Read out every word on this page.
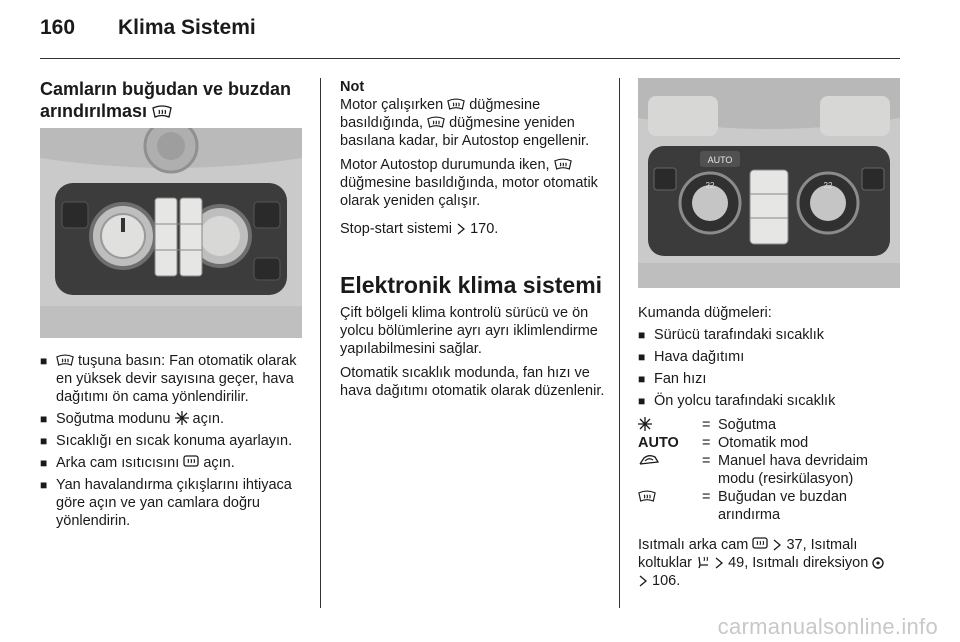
160 Klima Sistemi
Camların buğudan ve buzdan arındırılması
■ tuşuna basın: Fan otomatik olarak en yüksek devir sayısına geçer, hava dağıtımı ön cama yönlendirilir.
■ Soğutma modunu açın.
■ Sıcaklığı en sıcak konuma ayarlayın.
■ Arka cam ısıtıcısını açın.
■ Yan havalandırma çıkışlarını ihtiyaca göre açın ve yan camlara doğru yönlendirin.
Not

Motor çalışırken düğmesine basıldığında, düğmesine yeniden basılana kadar, bir Autostop engellenir.

Motor Autostop durumunda iken,  düğmesine basıldığında, motor otomatik olarak yeniden çalışır.

Stop-start sistemi 170.

Elektronik klima sistemi

Çift bölgeli klima kontrolü sürücü ve ön yolcu bölümlerine ayrı ayrı iklimlendirme yapılabilmesini sağlar.

Otomatik sıcaklık modunda, fan hızı ve hava dağıtımı otomatik olarak düzenlenir.

AUTO
22	22
Kumanda düğmeleri:
■ Sürücü tarafındaki sıcaklık
■ Hava dağıtımı
■ Fan hızı
■ Ön yolcu tarafındaki sıcaklık
= Soğutma
AUTO	= Otomatik mod
= Manuel hava devridaim modu (resirkülasyon)
= Buğudan ve buzdan arındırma

Isıtmalı arka cam	37, Isıtmalı koltuklar 49, Isıtmalı direksiyon
106.

carmanualsonline.info
